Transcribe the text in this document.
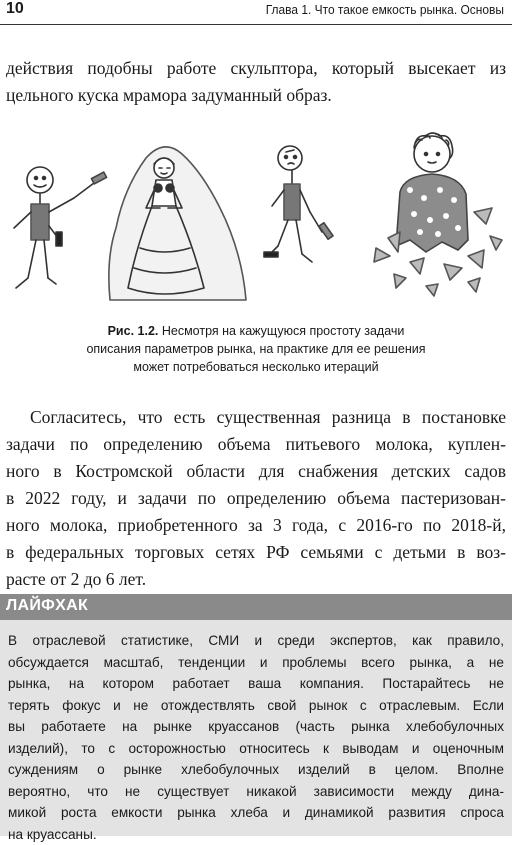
10	Глава 1. Что такое емкость рынка. Основы
действия подобны работе скульптора, который высекает из
цельного куска мрамора задуманный образ.
Рис. 1.2. Несмотря на кажущуюся простоту задачи
описания параметров рынка, на практике для ее решения
может потребоваться несколько итераций
Согласитесь, что есть существенная разница в постановке
задачи по определению объема питьевого молока, куплен-
ного в Костромской области для снабжения детских садов
в 2022 году, и задачи по определению объема пастеризован-
ного молока, приобретенного за 3 года, с 2016-го по 2018-й,
в федеральных торговых сетях РФ семьями с детьми в воз-
расте от 2 до 6 лет.
ЛАЙФХАК
В отраслевой статистике, СМИ и среди экспертов, как правило,
обсуждается масштаб, тенденции и проблемы всего рынка, а не
рынка, на котором работает ваша компания. Постарайтесь не
терять фокус и не отождествлять свой рынок с отраслевым. Если
вы работаете на рынке круассанов (часть рынка хлебобулочных
изделий), то с осторожностью относитесь к выводам и оценочным
суждениям о рынке хлебобулочных изделий в целом. Вполне
вероятно, что не существует никакой зависимости между дина-
микой роста емкости рынка хлеба и динамикой развития спроса
на круассаны.
